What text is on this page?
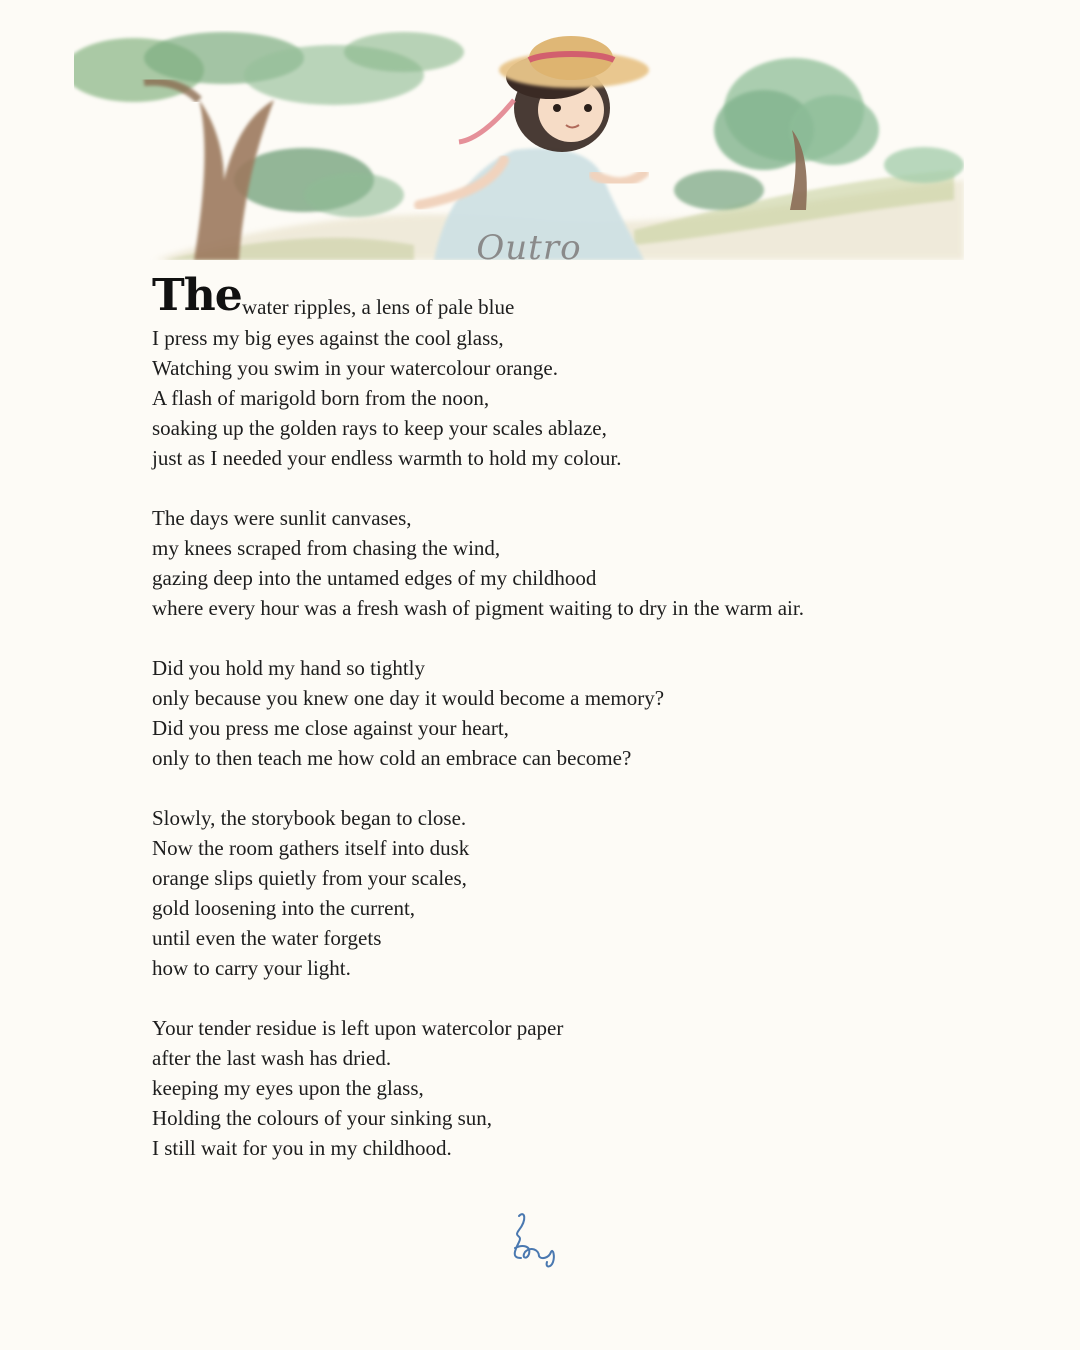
Outro
The water ripples, a lens of pale blue
I press my big eyes against the cool glass,
Watching you swim in your watercolour orange.
A flash of marigold born from the noon,
soaking up the golden rays to keep your scales ablaze,
just as I needed your endless warmth to hold my colour.
The days were sunlit canvases,
my knees scraped from chasing the wind,
gazing deep into the untamed edges of my childhood
where every hour was a fresh wash of pigment waiting to dry in the warm air.
Did you hold my hand so tightly
only because you knew one day it would become a memory?
Did you press me close against your heart,
only to then teach me how cold an embrace can become?
Slowly, the storybook began to close.
Now the room gathers itself into dusk
orange slips quietly from your scales,
gold loosening into the current,
until even the water forgets
how to carry your light.
Your tender residue is left upon watercolor paper
after the last wash has dried.
keeping my eyes upon the glass,
Holding the colours of your sinking sun,
I still wait for you in my childhood.
